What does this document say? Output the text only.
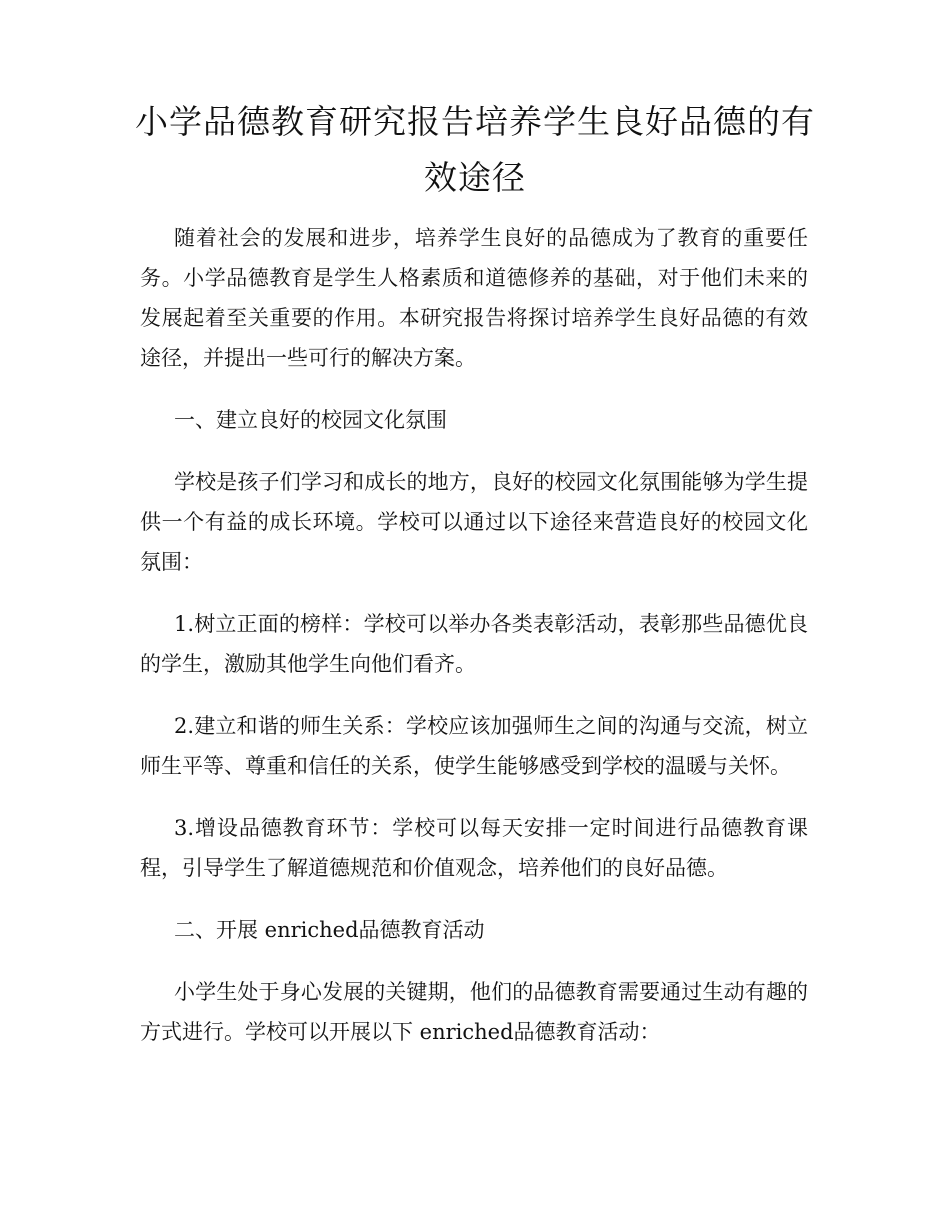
小学品德教育研究报告培养学生良好品德的有效途径

随着社会的发展和进步，培养学生良好的品德成为了教育的重要任务。小学品德教育是学生人格素质和道德修养的基础，对于他们未来的发展起着至关重要的作用。本研究报告将探讨培养学生良好品德的有效途径，并提出一些可行的解决方案。

一、建立良好的校园文化氛围

学校是孩子们学习和成长的地方，良好的校园文化氛围能够为学生提供一个有益的成长环境。学校可以通过以下途径来营造良好的校园文化氛围：

1.树立正面的榜样：学校可以举办各类表彰活动，表彰那些品德优良的学生，激励其他学生向他们看齐。

2.建立和谐的师生关系：学校应该加强师生之间的沟通与交流，树立师生平等、尊重和信任的关系，使学生能够感受到学校的温暖与关怀。

3.增设品德教育环节：学校可以每天安排一定时间进行品德教育课程，引导学生了解道德规范和价值观念，培养他们的良好品德。

二、开展 enriched品德教育活动

小学生处于身心发展的关键期，他们的品德教育需要通过生动有趣的方式进行。学校可以开展以下 enriched品德教育活动：
